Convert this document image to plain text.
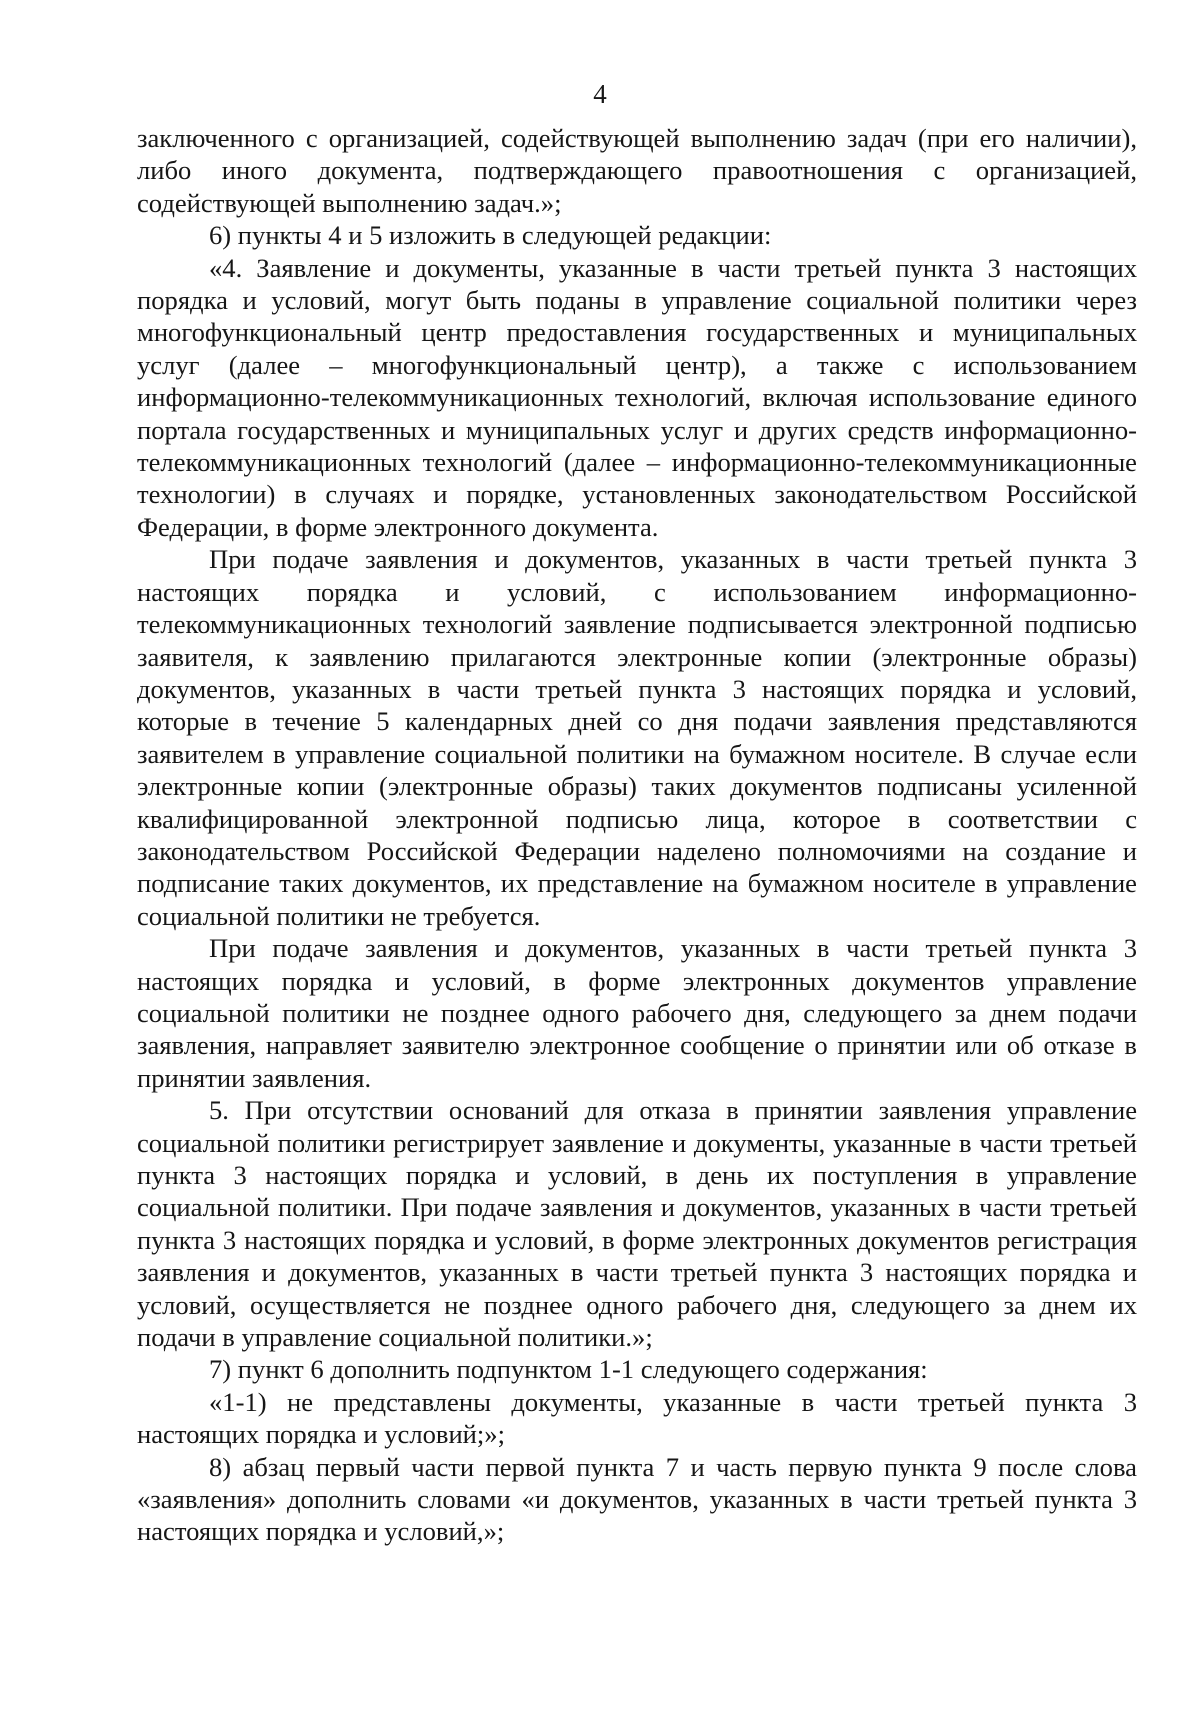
4

заключенного с организацией, содействующей выполнению задач (при его наличии), либо иного документа, подтверждающего правоотношения с организацией, содействующей выполнению задач.»;

6) пункты 4 и 5 изложить в следующей редакции:

«4. Заявление и документы, указанные в части третьей пункта 3 настоящих порядка и условий, могут быть поданы в управление социальной политики через многофункциональный центр предоставления государственных и муниципальных услуг (далее – многофункциональный центр), а также с использованием информационно-телекоммуникационных технологий, включая использование единого портала государственных и муниципальных услуг и других средств информационно-телекоммуникационных технологий (далее – информационно-телекоммуникационные технологии) в случаях и порядке, установленных законодательством Российской Федерации, в форме электронного документа.

При подаче заявления и документов, указанных в части третьей пункта 3 настоящих порядка и условий, с использованием информационно-телекоммуникационных технологий заявление подписывается электронной подписью заявителя, к заявлению прилагаются электронные копии (электронные образы) документов, указанных в части третьей пункта 3 настоящих порядка и условий, которые в течение 5 календарных дней со дня подачи заявления представляются заявителем в управление социальной политики на бумажном носителе. В случае если электронные копии (электронные образы) таких документов подписаны усиленной квалифицированной электронной подписью лица, которое в соответствии с законодательством Российской Федерации наделено полномочиями на создание и подписание таких документов, их представление на бумажном носителе в управление социальной политики не требуется.

При подаче заявления и документов, указанных в части третьей пункта 3 настоящих порядка и условий, в форме электронных документов управление социальной политики не позднее одного рабочего дня, следующего за днем подачи заявления, направляет заявителю электронное сообщение о принятии или об отказе в принятии заявления.

5. При отсутствии оснований для отказа в принятии заявления управление социальной политики регистрирует заявление и документы, указанные в части третьей пункта 3 настоящих порядка и условий, в день их поступления в управление социальной политики. При подаче заявления и документов, указанных в части третьей пункта 3 настоящих порядка и условий, в форме электронных документов регистрация заявления и документов, указанных в части третьей пункта 3 настоящих порядка и условий, осуществляется не позднее одного рабочего дня, следующего за днем их подачи в управление социальной политики.»;

7) пункт 6 дополнить подпунктом 1-1 следующего содержания:

«1-1) не представлены документы, указанные в части третьей пункта 3 настоящих порядка и условий;»;

8) абзац первый части первой пункта 7 и часть первую пункта 9 после слова «заявления» дополнить словами «и документов, указанных в части третьей пункта 3 настоящих порядка и условий,»;
